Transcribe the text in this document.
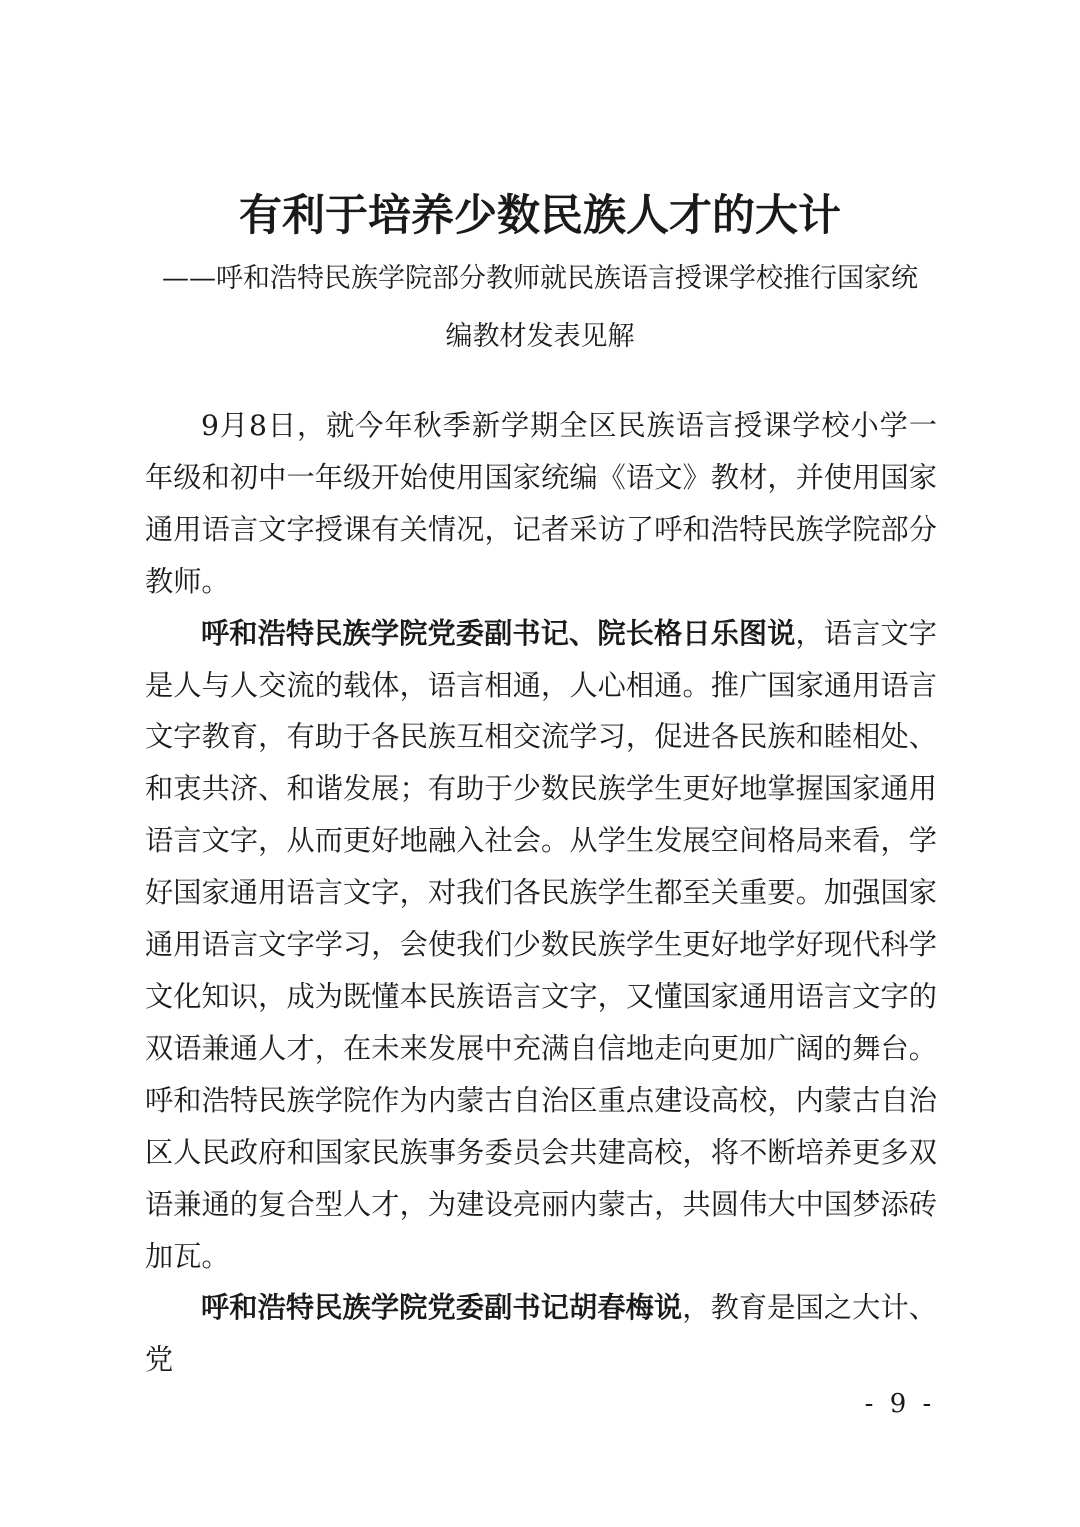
有利于培养少数民族人才的大计
——呼和浩特民族学院部分教师就民族语言授课学校推行国家统
编教材发表见解

9月8日，就今年秋季新学期全区民族语言授课学校小学一年级和初中一年级开始使用国家统编《语文》教材，并使用国家通用语言文字授课有关情况，记者采访了呼和浩特民族学院部分教师。

呼和浩特民族学院党委副书记、院长格日乐图说，语言文字是人与人交流的载体，语言相通，人心相通。推广国家通用语言文字教育，有助于各民族互相交流学习，促进各民族和睦相处、和衷共济、和谐发展；有助于少数民族学生更好地掌握国家通用语言文字，从而更好地融入社会。从学生发展空间格局来看，学好国家通用语言文字，对我们各民族学生都至关重要。加强国家通用语言文字学习，会使我们少数民族学生更好地学好现代科学文化知识，成为既懂本民族语言文字，又懂国家通用语言文字的双语兼通人才，在未来发展中充满自信地走向更加广阔的舞台。呼和浩特民族学院作为内蒙古自治区重点建设高校，内蒙古自治区人民政府和国家民族事务委员会共建高校，将不断培养更多双语兼通的复合型人才，为建设亮丽内蒙古，共圆伟大中国梦添砖加瓦。

呼和浩特民族学院党委副书记胡春梅说，教育是国之大计、党

- 9 -
